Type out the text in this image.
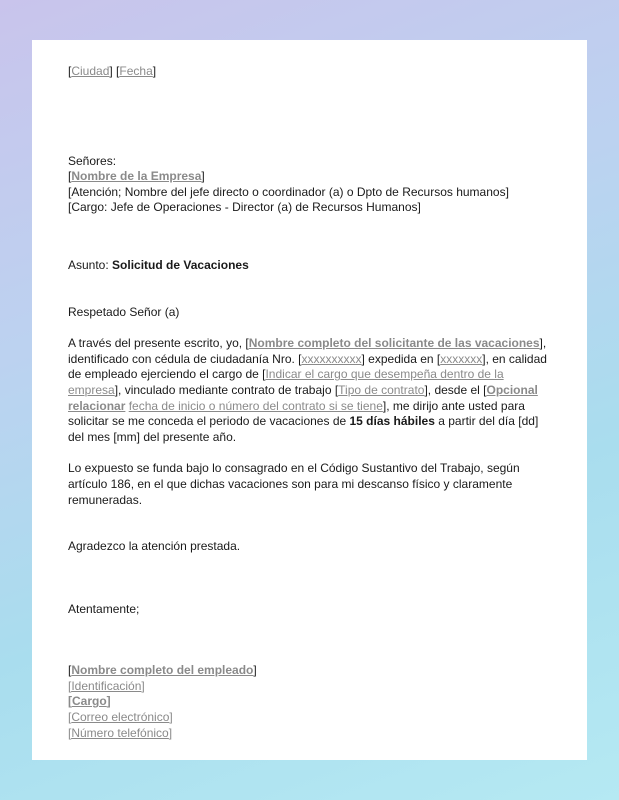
[Ciudad] [Fecha]

Señores:

[Nombre de la Empresa]

[Atención; Nombre del jefe directo o coordinador (a) o Dpto de Recursos humanos]

[Cargo: Jefe de Operaciones - Director (a) de Recursos Humanos]

Asunto: Solicitud de Vacaciones

Respetado Señor (a)

A través del presente escrito, yo, [Nombre completo del solicitante de las vacaciones], identificado con cédula de ciudadanía Nro. [xxxxxxxxxx] expedida en [xxxxxxx], en calidad de empleado ejerciendo el cargo de [Indicar el cargo que desempeña dentro de la empresa], vinculado mediante contrato de trabajo [Tipo de contrato], desde el [Opcional relacionar fecha de inicio o número del contrato si se tiene], me dirijo ante usted para solicitar se me conceda el periodo de vacaciones de 15 días hábiles a partir del día [dd] del mes [mm] del presente año.

Lo expuesto se funda bajo lo consagrado en el Código Sustantivo del Trabajo, según artículo 186, en el que dichas vacaciones son para mi descanso físico y claramente remuneradas.

Agradezco la atención prestada.

Atentamente;

[Nombre completo del empleado]

[Identificación]

[Cargo]

[Correo electrónico]

[Número telefónico]
